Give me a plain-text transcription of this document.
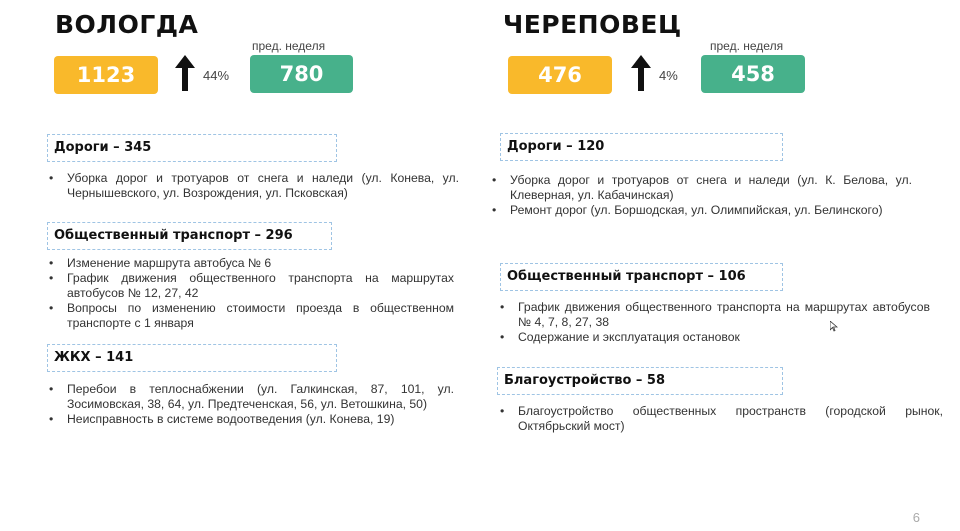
ВОЛОГДА
1123	44%
пред. неделя
780
Дороги – 345
• Уборка дорог и тротуаров от снега и наледи (ул. Конева, ул. Чернышевского, ул. Возрождения, ул. Псковская)
Общественный транспорт – 296
• Изменение маршрута автобуса № 6
• График движения общественного транспорта на маршрутах автобусов № 12, 27, 42
• Вопросы по изменению стоимости проезда в общественном транспорте с 1 января
ЖКХ – 141
• Перебои в теплоснабжении (ул. Галкинская, 87, 101, ул. Зосимовская, 38, 64, ул. Предтеченская, 56, ул. Ветошкина, 50)
• Неисправность в системе водоотведения (ул. Конева, 19)
ЧЕРЕПОВЕЦ
476	4%
пред. неделя
458
Дороги – 120
• Уборка дорог и тротуаров от снега и наледи (ул. К. Белова, ул. Клеверная, ул. Кабачинская)
• Ремонт дорог (ул. Боршодская, ул. Олимпийская, ул. Белинского)
Общественный транспорт – 106
• График движения общественного транспорта на маршрутах автобусов № 4, 7, 8, 27, 38
• Содержание и эксплуатация остановок
Благоустройство – 58
• Благоустройство общественных пространств (городской рынок, Октябрьский мост)
6
